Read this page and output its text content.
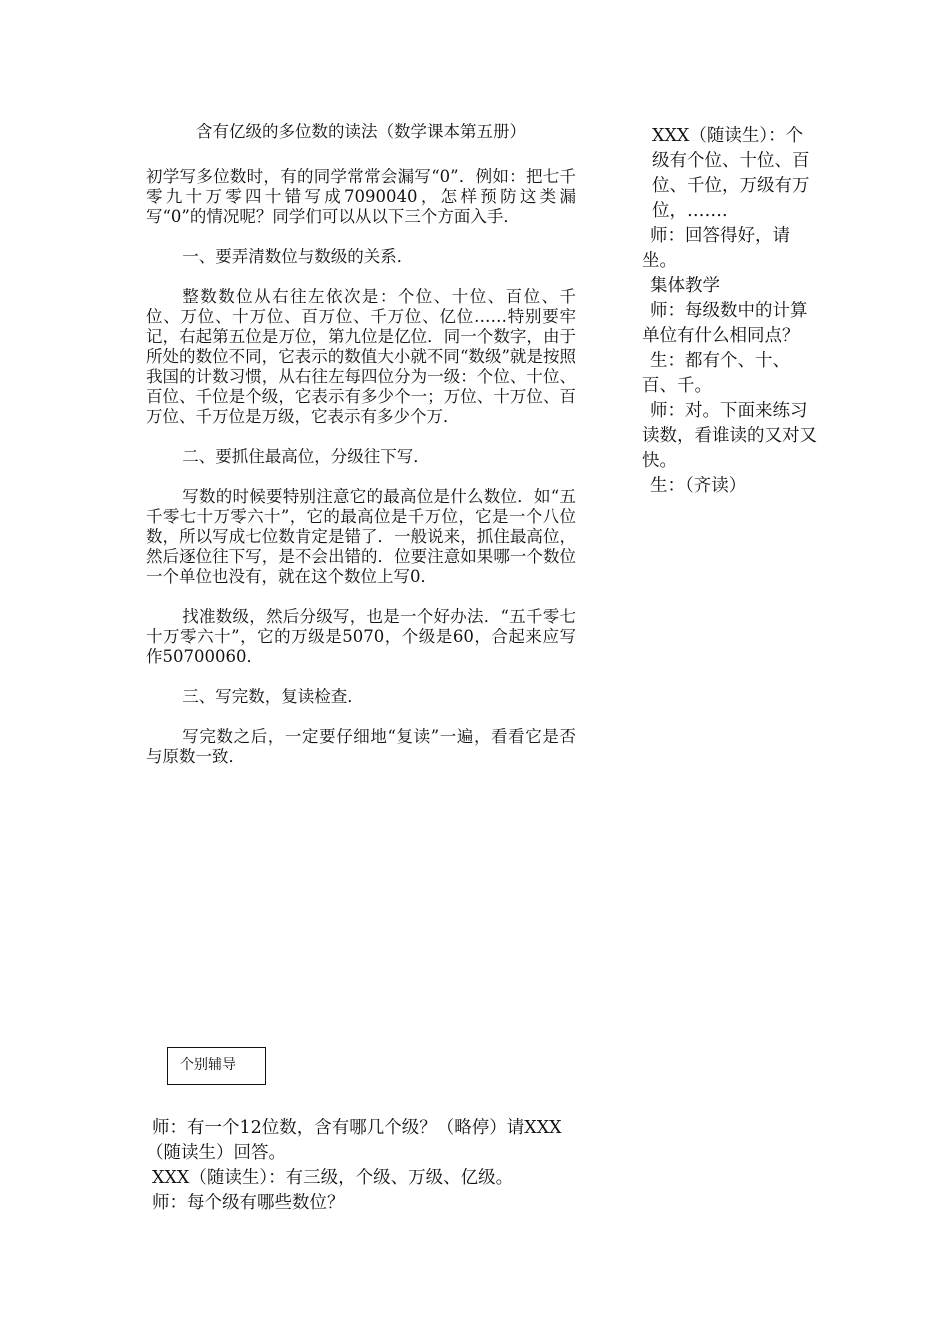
含有亿级的多位数的读法（数学课本第五册）

初学写多位数时，有的同学常常会漏写“0”．例如：把七千零九十万零四十错写成7090040，怎样预防这类漏写“0”的情况呢？同学们可以从以下三个方面入手．

一、要弄清数位与数级的关系．

整数数位从右往左依次是：个位、十位、百位、千位、万位、十万位、百万位、千万位、亿位……特别要牢记，右起第五位是万位，第九位是亿位．同一个数字，由于所处的数位不同，它表示的数值大小就不同“数级”就是按照我国的计数习惯，从右往左每四位分为一级：个位、十位、百位、千位是个级，它表示有多少个一；万位、十万位、百万位、千万位是万级，它表示有多少个万．

二、要抓住最高位，分级往下写．

写数的时候要特别注意它的最高位是什么数位．如“五千零七十万零六十”，它的最高位是千万位，它是一个八位数，所以写成七位数肯定是错了．一般说来，抓住最高位，然后逐位往下写，是不会出错的．位要注意如果哪一个数位一个单位也没有，就在这个数位上写0．

找准数级，然后分级写，也是一个好办法．“五千零七十万零六十”，它的万级是5070，个级是60，合起来应写作50700060．

三、写完数，复读检查．

写完数之后，一定要仔细地“复读”一遍，看看它是否与原数一致．

XXX（随读生）：个级有个位、十位、百位、千位，万级有万位，…….

师：回答得好，请坐。

集体教学

师：每级数中的计算单位有什么相同点？

生：都有个、十、百、千。

师：对。下面来练习读数，看谁读的又对又快。

生：（齐读）

个别辅导

师：有一个12位数，含有哪几个级？（略停）请XXX（随读生）回答。

XXX（随读生）：有三级，个级、万级、亿级。

师：每个级有哪些数位？
